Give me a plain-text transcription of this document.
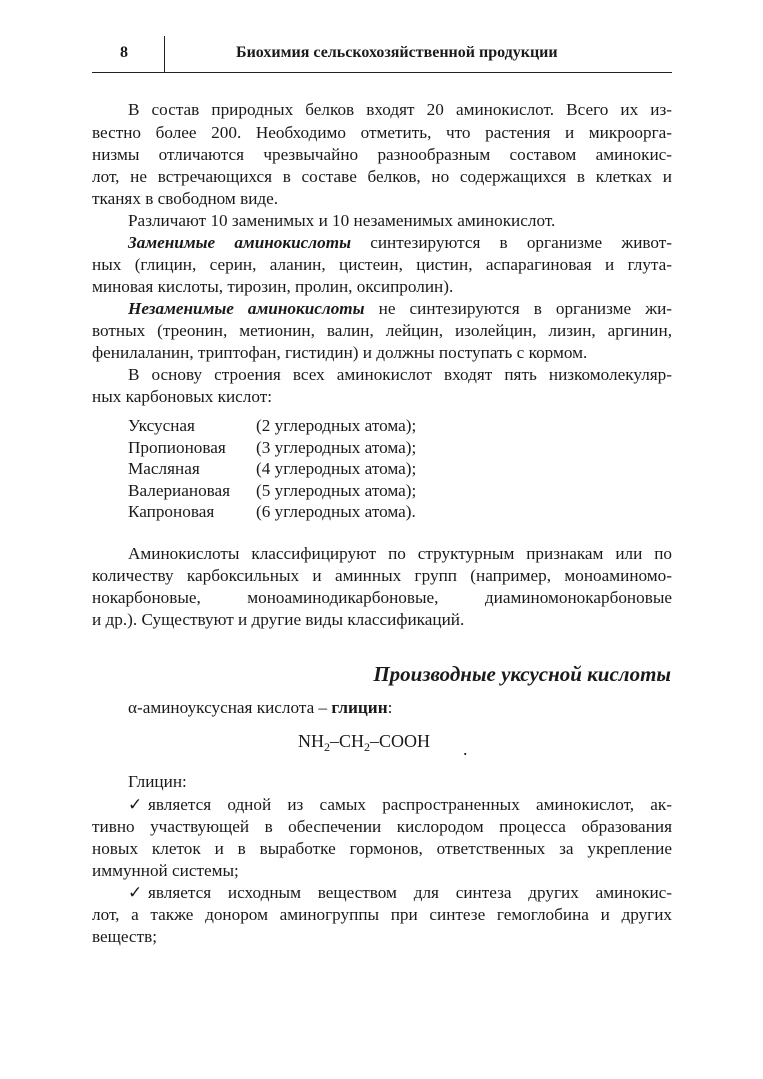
8	Биохимия сельскохозяйственной продукции
В состав природных белков входят 20 аминокислот. Всего их из-
вестно более 200. Необходимо отметить, что растения и микроорга-
низмы отличаются чрезвычайно разнообразным составом аминокис-
лот, не встречающихся в составе белков, но содержащихся в клетках и
тканях в свободном виде.
Различают 10 заменимых и 10 незаменимых аминокислот.
Заменимые аминокислоты синтезируются в организме живот-
ных (глицин, серин, аланин, цистеин, цистин, аспарагиновая и глута-
миновая кислоты, тирозин, пролин, оксипролин).
Незаменимые аминокислоты не синтезируются в организме жи-
вотных (треонин, метионин, валин, лейцин, изолейцин, лизин, аргинин,
фенилаланин, триптофан, гистидин) и должны поступать с кормом.
В основу строения всех аминокислот входят пять низкомолекуляр-
ных карбоновых кислот:
Уксусная	(2 углеродных атома);
Пропионовая (3 углеродных атома);
Масляная	(4 углеродных атома);
Валериановая (5 углеродных атома);
Капроновая (6 углеродных атома).
Аминокислоты классифицируют по структурным признакам или по
количеству карбоксильных и аминных групп (например, моноаминомо-
нокарбоновые, моноаминодикарбоновые, диаминомонокарбоновые
и др.). Существуют и другие виды классификаций.
Производные уксусной кислоты
α-аминоуксусная кислота – глицин:
$NH_2-CH_2$–COOH .
Глицин:
✓ является одной из самых распространенных аминокислот, ак-
тивно участвующей в обеспечении кислородом процесса образования
новых клеток и в выработке гормонов, ответственных за укрепление
иммунной системы;
✓ является исходным веществом для синтеза других аминокис-
лот, а также донором аминогруппы при синтезе гемоглобина и других
веществ;
